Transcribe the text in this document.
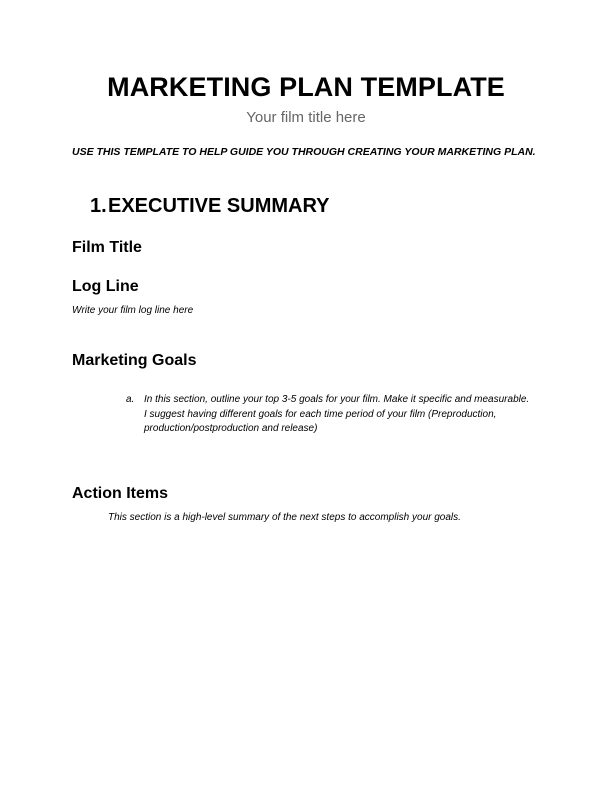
MARKETING PLAN TEMPLATE
Your film title here
USE THIS TEMPLATE TO HELP GUIDE YOU THROUGH CREATING YOUR MARKETING PLAN.
1.EXECUTIVE SUMMARY
Film Title
Log Line
Write your film log line here
Marketing Goals
a. In this section, outline your top 3-5 goals for your film. Make it specific and measurable. I suggest having different goals for each time period of your film (Preproduction, production/postproduction and release)
Action Items
This section is a high-level summary of the next steps to accomplish your goals.
